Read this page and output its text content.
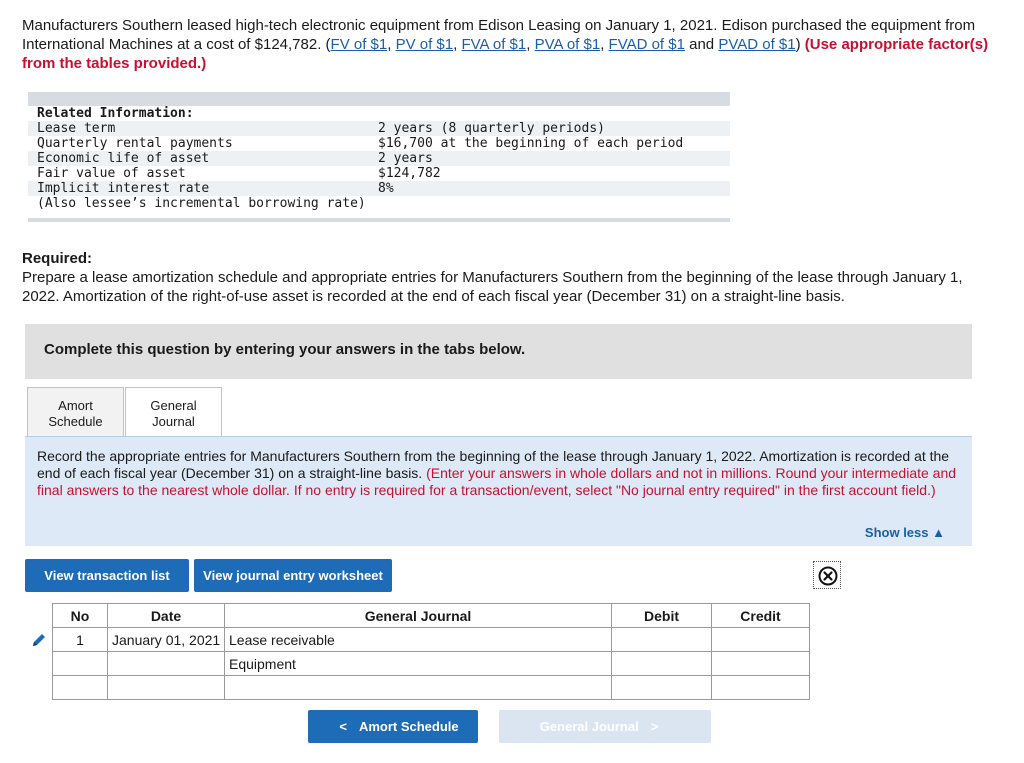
Manufacturers Southern leased high-tech electronic equipment from Edison Leasing on January 1, 2021. Edison purchased the equipment from International Machines at a cost of $124,782. (FV of $1, PV of $1, FVA of $1, PVA of $1, FVAD of $1 and PVAD of $1) (Use appropriate factor(s) from the tables provided.)
Related Information:
Lease term	2 years (8 quarterly periods)
Quarterly rental payments	$16,700 at the beginning of each period
Economic life of asset	2 years
Fair value of asset	$124,782
Implicit interest rate	8%
(Also lessee’s incremental borrowing rate)
Required:
Prepare a lease amortization schedule and appropriate entries for Manufacturers Southern from the beginning of the lease through January 1, 2022. Amortization of the right-of-use asset is recorded at the end of each fiscal year (December 31) on a straight-line basis.
Complete this question by entering your answers in the tabs below.
Amort
Schedule
General
Journal

Record the appropriate entries for Manufacturers Southern from the beginning of the lease through January 1, 2022. Amortization is recorded at the end of each fiscal year (December 31) on a straight-line basis. (Enter your answers in whole dollars and not in millions. Round your intermediate and final answers to the nearest whole dollar. If no entry is required for a transaction/event, select "No journal entry required" in the first account field.)

Show less ▲
View transaction list	View journal entry worksheet
No	Date	General Journal	Debit	Credit
1	January 01, 2021	Lease receivable		
		Equipment		

< Amort Schedule	General Journal >
